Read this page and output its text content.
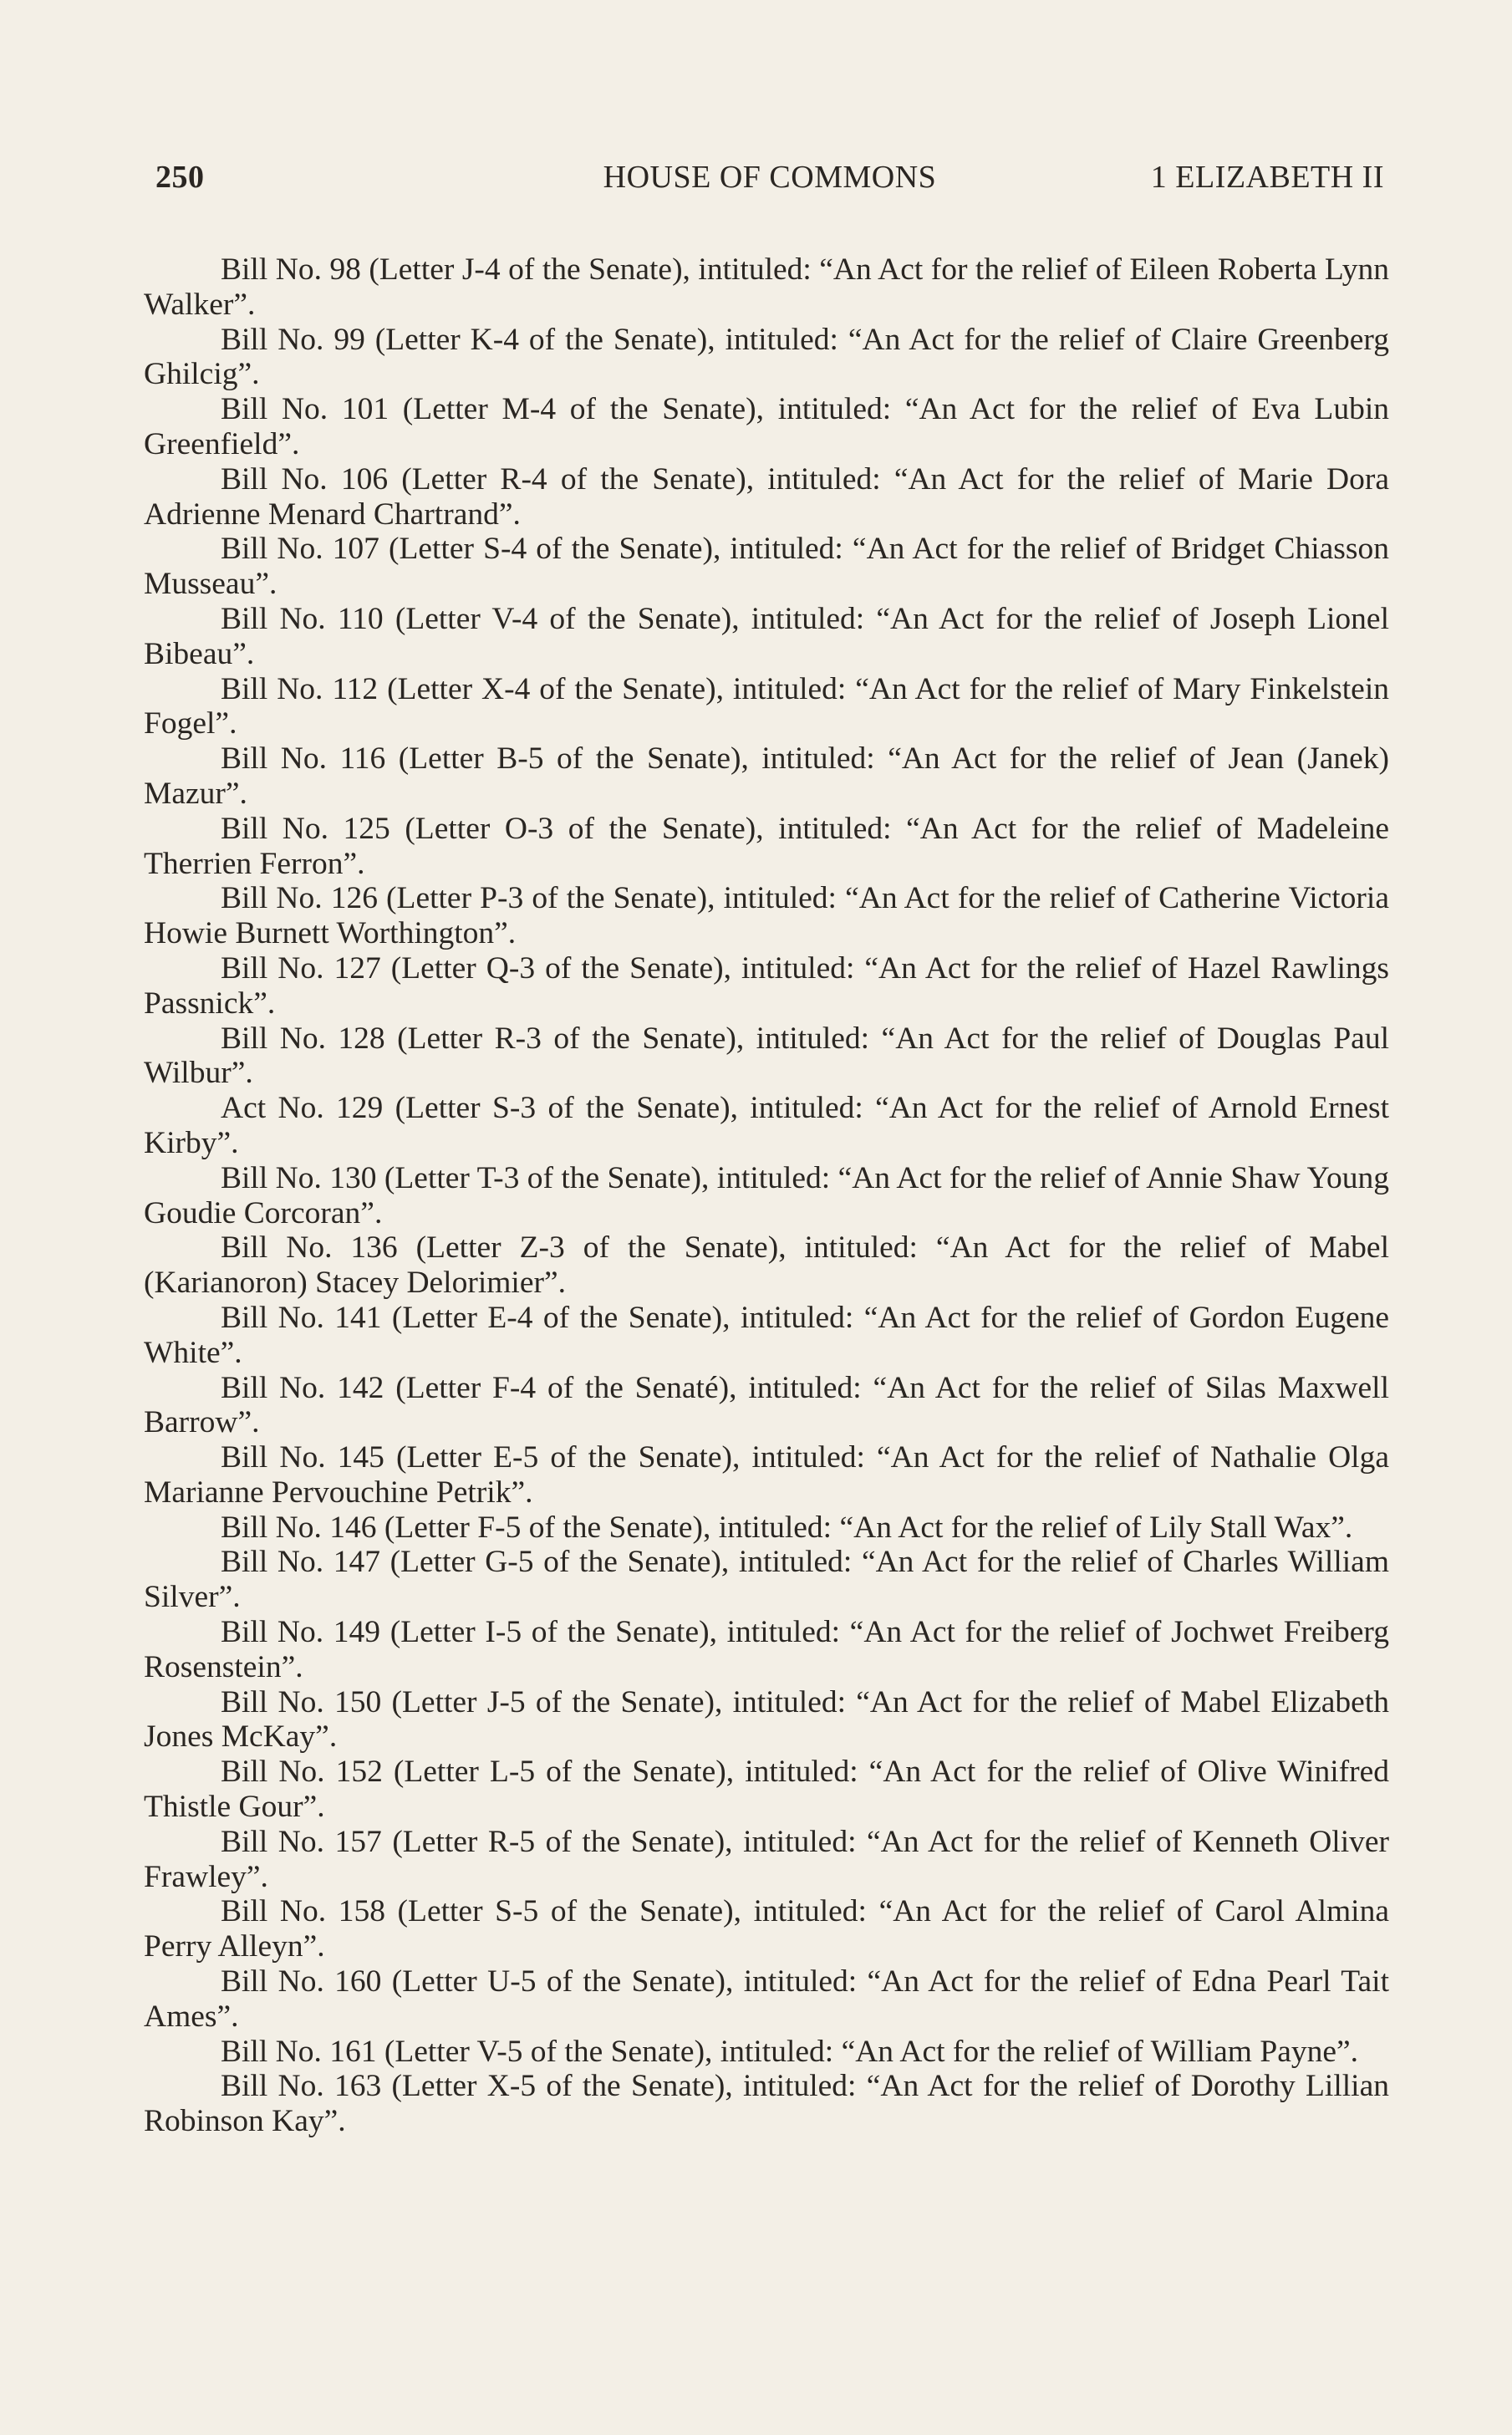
HOUSE OF COMMONS
250	1 ELIZABETH II

Bill No. 98 (Letter J-4 of the Senate), intituled: “An Act for the relief of Eileen Roberta Lynn Walker”.

Bill No. 99 (Letter K-4 of the Senate), intituled: “An Act for the relief of Claire Greenberg Ghilcig”.

Bill No. 101 (Letter M-4 of the Senate), intituled: “An Act for the relief of Eva Lubin Greenfield”.

Bill No. 106 (Letter R-4 of the Senate), intituled: “An Act for the relief of Marie Dora Adrienne Menard Chartrand”.

Bill No. 107 (Letter S-4 of the Senate), intituled: “An Act for the relief of Bridget Chiasson Musseau”.

Bill No. 110 (Letter V-4 of the Senate), intituled: “An Act for the relief of Joseph Lionel Bibeau”.

Bill No. 112 (Letter X-4 of the Senate), intituled: “An Act for the relief of Mary Finkelstein Fogel”.

Bill No. 116 (Letter B-5 of the Senate), intituled: “An Act for the relief of Jean (Janek) Mazur”.

Bill No. 125 (Letter O-3 of the Senate), intituled: “An Act for the relief of Madeleine Therrien Ferron”.

Bill No. 126 (Letter P-3 of the Senate), intituled: “An Act for the relief of Catherine Victoria Howie Burnett Worthington”.

Bill No. 127 (Letter Q-3 of the Senate), intituled: “An Act for the relief of Hazel Rawlings Passnick”.

Bill No. 128 (Letter R-3 of the Senate), intituled: “An Act for the relief of Douglas Paul Wilbur”.

Act No. 129 (Letter S-3 of the Senate), intituled: “An Act for the relief of Arnold Ernest Kirby”.

Bill No. 130 (Letter T-3 of the Senate), intituled: “An Act for the relief of Annie Shaw Young Goudie Corcoran”.

Bill No. 136 (Letter Z-3 of the Senate), intituled: “An Act for the relief of Mabel (Karianoron) Stacey Delorimier”.

Bill No. 141 (Letter E-4 of the Senate), intituled: “An Act for the relief of Gordon Eugene White”.

Bill No. 142 (Letter F-4 of the Senaté), intituled: “An Act for the relief of Silas Maxwell Barrow”.

Bill No. 145 (Letter E-5 of the Senate), intituled: “An Act for the relief of Nathalie Olga Marianne Pervouchine Petrik”.

Bill No. 146 (Letter F-5 of the Senate), intituled: “An Act for the relief of Lily Stall Wax”.

Bill No. 147 (Letter G-5 of the Senate), intituled: “An Act for the relief of Charles William Silver”.

Bill No. 149 (Letter I-5 of the Senate), intituled: “An Act for the relief of Jochwet Freiberg Rosenstein”.

Bill No. 150 (Letter J-5 of the Senate), intituled: “An Act for the relief of Mabel Elizabeth Jones McKay”.

Bill No. 152 (Letter L-5 of the Senate), intituled: “An Act for the relief of Olive Winifred Thistle Gour”.

Bill No. 157 (Letter R-5 of the Senate), intituled: “An Act for the relief of Kenneth Oliver Frawley”.

Bill No. 158 (Letter S-5 of the Senate), intituled: “An Act for the relief of Carol Almina Perry Alleyn”.

Bill No. 160 (Letter U-5 of the Senate), intituled: “An Act for the relief of Edna Pearl Tait Ames”.

Bill No. 161 (Letter V-5 of the Senate), intituled: “An Act for the relief of William Payne”.

Bill No. 163 (Letter X-5 of the Senate), intituled: “An Act for the relief of Dorothy Lillian Robinson Kay”.
